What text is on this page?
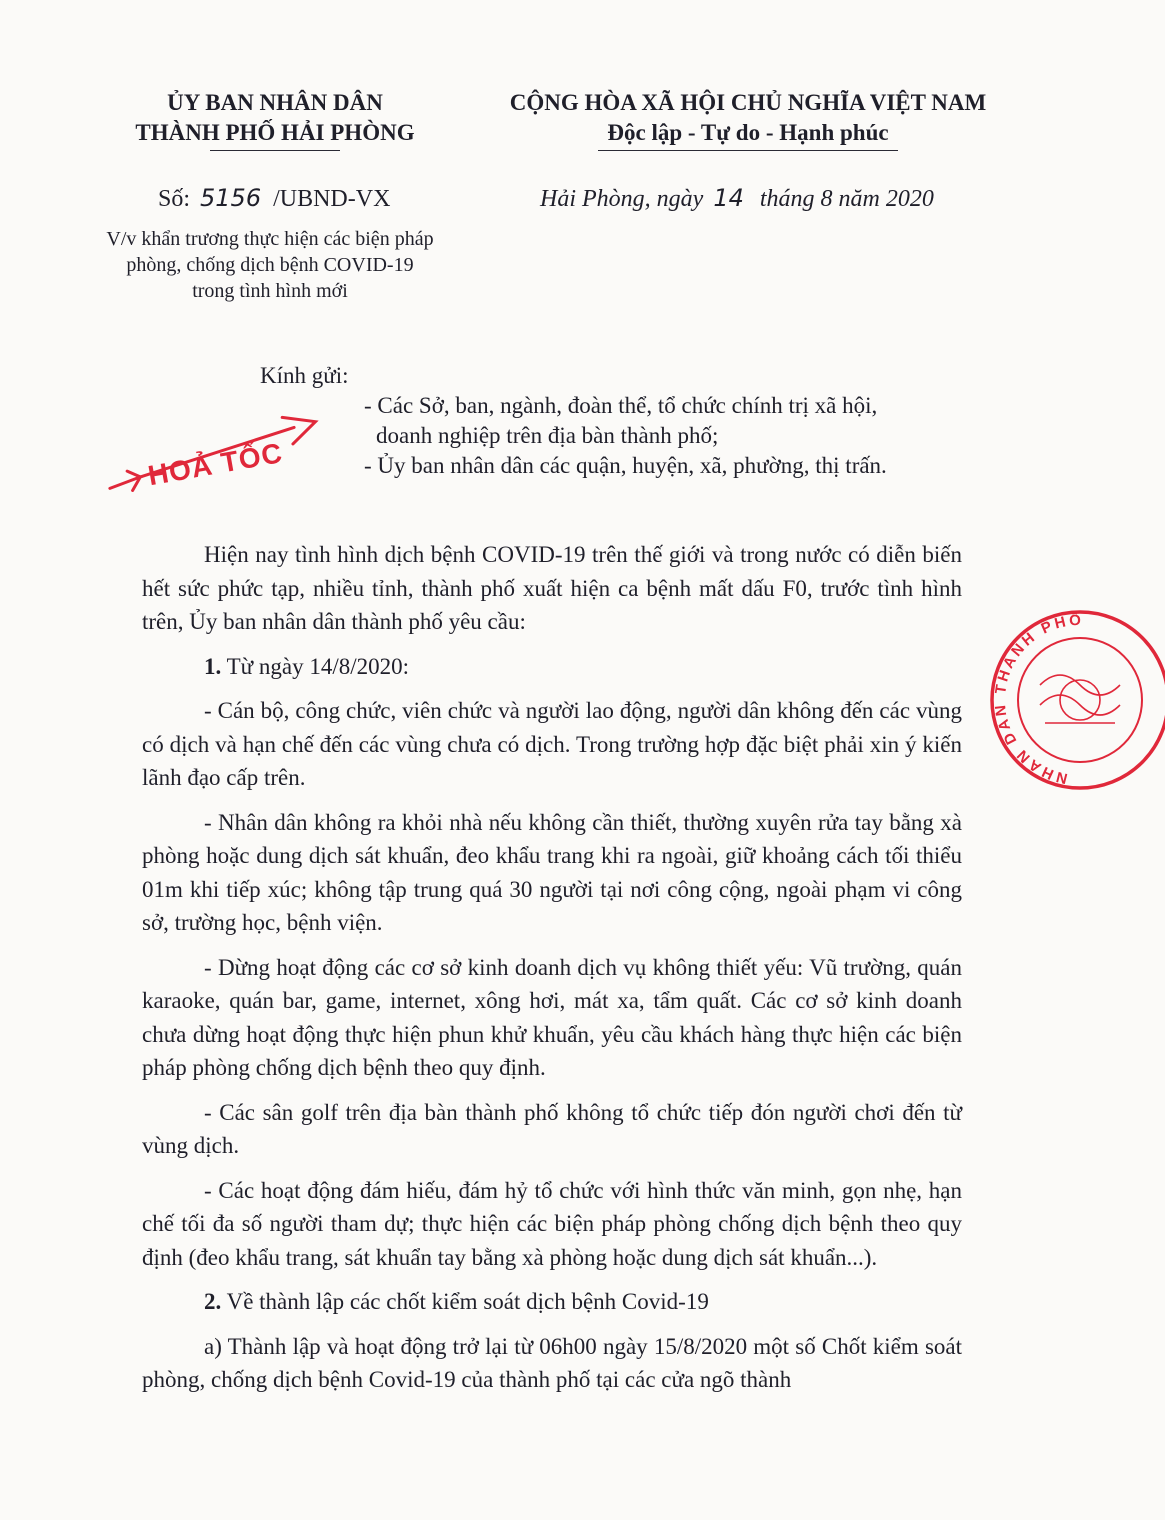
ỦY BAN NHÂN DÂN
THÀNH PHỐ HẢI PHÒNG
CỘNG HÒA XÃ HỘI CHỦ NGHĨA VIỆT NAM
Độc lập - Tự do - Hạnh phúc
Số: 5156 /UBND-VX	Hải Phòng, ngày 14 tháng 8 năm 2020
V/v khẩn trương thực hiện các biện pháp
phòng, chống dịch bệnh COVID-19
trong tình hình mới
Kính gửi:
- Các Sở, ban, ngành, đoàn thể, tổ chức chính trị xã hội,
doanh nghiệp trên địa bàn thành phố;
- Ủy ban nhân dân các quận, huyện, xã, phường, thị trấn.
HOẢ TỐC
NHÂN DÂN THÀNH PHỐ

Hiện nay tình hình dịch bệnh COVID-19 trên thế giới và trong nước có diễn biến hết sức phức tạp, nhiều tỉnh, thành phố xuất hiện ca bệnh mất dấu F0, trước tình hình trên, Ủy ban nhân dân thành phố yêu cầu:

1. Từ ngày 14/8/2020:

- Cán bộ, công chức, viên chức và người lao động, người dân không đến các vùng có dịch và hạn chế đến các vùng chưa có dịch. Trong trường hợp đặc biệt phải xin ý kiến lãnh đạo cấp trên.

- Nhân dân không ra khỏi nhà nếu không cần thiết, thường xuyên rửa tay bằng xà phòng hoặc dung dịch sát khuẩn, đeo khẩu trang khi ra ngoài, giữ khoảng cách tối thiểu 01m khi tiếp xúc; không tập trung quá 30 người tại nơi công cộng, ngoài phạm vi công sở, trường học, bệnh viện.

- Dừng hoạt động các cơ sở kinh doanh dịch vụ không thiết yếu: Vũ trường, quán karaoke, quán bar, game, internet, xông hơi, mát xa, tẩm quất. Các cơ sở kinh doanh chưa dừng hoạt động thực hiện phun khử khuẩn, yêu cầu khách hàng thực hiện các biện pháp phòng chống dịch bệnh theo quy định.

- Các sân golf trên địa bàn thành phố không tổ chức tiếp đón người chơi đến từ vùng dịch.

- Các hoạt động đám hiếu, đám hỷ tổ chức với hình thức văn minh, gọn nhẹ, hạn chế tối đa số người tham dự; thực hiện các biện pháp phòng chống dịch bệnh theo quy định (đeo khẩu trang, sát khuẩn tay bằng xà phòng hoặc dung dịch sát khuẩn...).

2. Về thành lập các chốt kiểm soát dịch bệnh Covid-19

a) Thành lập và hoạt động trở lại từ 06h00 ngày 15/8/2020 một số Chốt kiểm soát phòng, chống dịch bệnh Covid-19 của thành phố tại các cửa ngõ thành
